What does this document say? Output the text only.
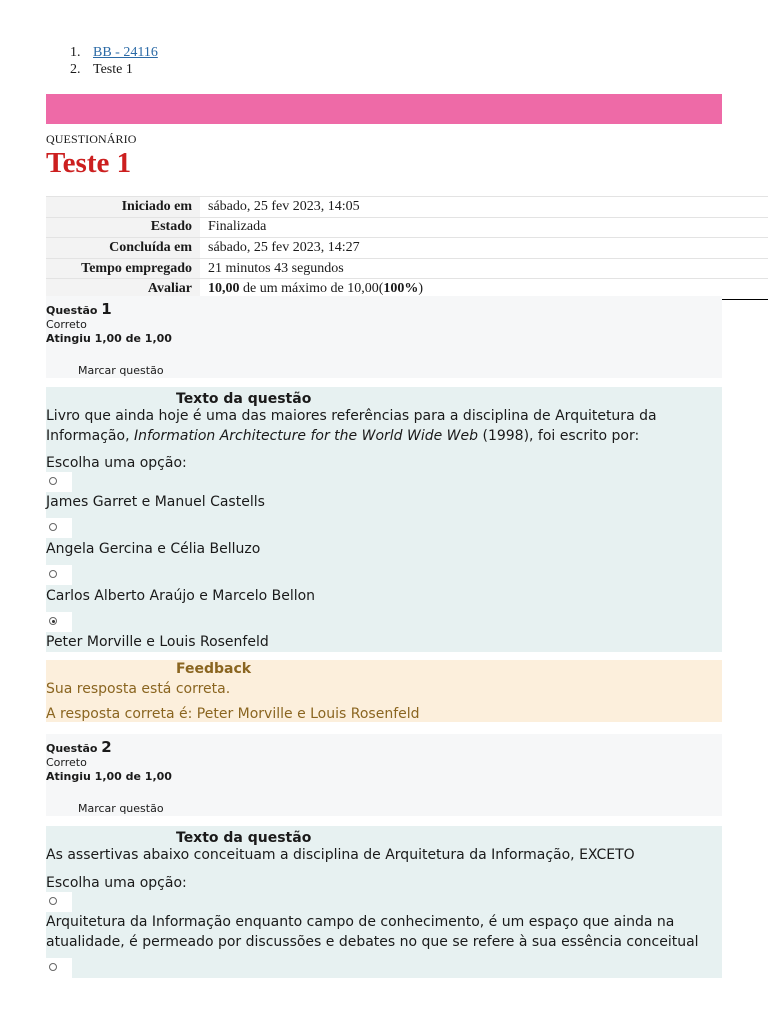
1. BB - 24116
2. Teste 1
QUESTIONÁRIO
Teste 1
Iniciado em	sábado, 25 fev 2023, 14:05
Estado	Finalizada
Concluída em	sábado, 25 fev 2023, 14:27
Tempo empregado	21 minutos 43 segundos
Avaliar	10,00 de um máximo de 10,00(100%)
Questão 1
Correto
Atingiu 1,00 de 1,00
Marcar questão
Texto da questão
Livro que ainda hoje é uma das maiores referências para a disciplina de Arquitetura da Informação, Information Architecture for the World Wide Web (1998), foi escrito por:
Escolha uma opção:
James Garret e Manuel Castells
Angela Gercina e Célia Belluzo
Carlos Alberto Araújo e Marcelo Bellon
Peter Morville e Louis Rosenfeld
Feedback
Sua resposta está correta.
A resposta correta é: Peter Morville e Louis Rosenfeld
Questão 2
Correto
Atingiu 1,00 de 1,00
Marcar questão
Texto da questão
As assertivas abaixo conceituam a disciplina de Arquitetura da Informação, EXCETO
Escolha uma opção:
Arquitetura da Informação enquanto campo de conhecimento, é um espaço que ainda na atualidade, é permeado por discussões e debates no que se refere à sua essência conceitual
